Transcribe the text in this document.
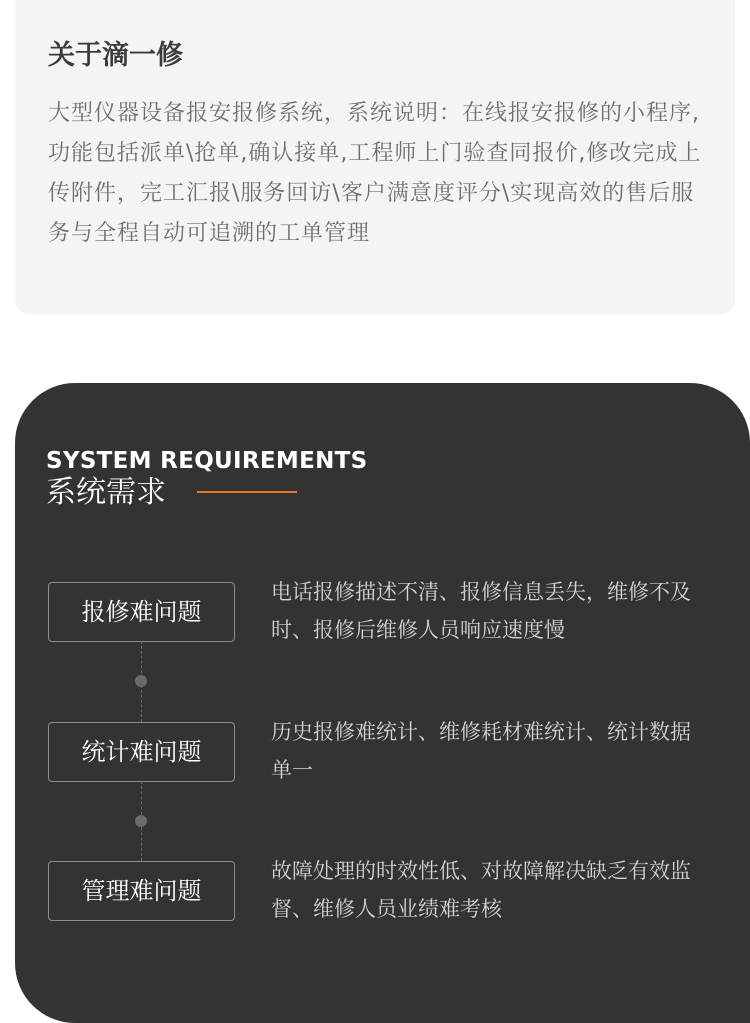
关于滴一修

大型仪器设备报安报修系统，系统说明：在线报安报修的小程序,功能包括派单\抢单,确认接单,工程师上门验查同报价,修改完成上传附件，完工汇报\服务回访\客户满意度评分\实现高效的售后服务与全程自动可追溯的工单管理

SYSTEM REQUIREMENTS
系统需求
报修难问题

电话报修描述不清、报修信息丢失，维修不及时、报修后维修人员响应速度慢

统计难问题

历史报修难统计、维修耗材难统计、统计数据单一

管理难问题

故障处理的时效性低、对故障解决缺乏有效监督、维修人员业绩难考核
